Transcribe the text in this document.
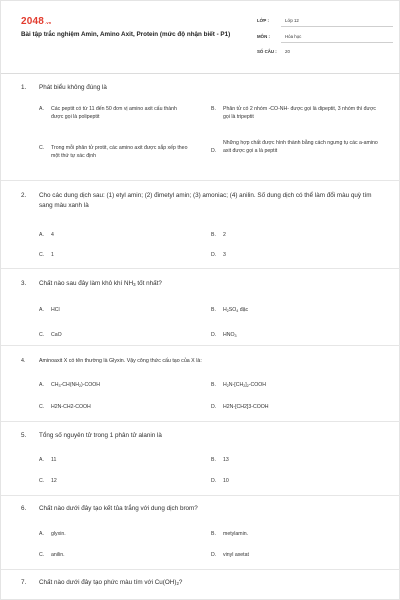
2048.vn
Bài tập trắc nghiệm Amin, Amino Axit, Protein (mức độ nhận biết - P1)
LỚP :	Lớp 12
MÔN :	Hóa học
SỐ CÂU : 20
1.	Phát biểu không đúng là
A.	Các peptit có từ 11 đến 50 đơn vị amino axit cấu thành được gọi là polipeptit
B.	Phân tử có 2 nhóm -CO-NH- được gọi là dipeptit, 3 nhóm thì được gọi là tripeptit
C.	Trong mỗi phân tử protit, các amino axit được sắp xếp theo một thứ tự xác định
D.
Những hợp chất được hình thành bằng cách ngưng tụ các a-amino axit được gọi a là peptit
2.	Cho các dung dịch sau: (1) etyl amin; (2) đimetyl amin; (3) amoniac; (4) anilin. Số dung dịch có thể làm đổi màu quỳ tím sang màu xanh là
A.	4	B.	2
C.	1	D.	3
3.	Chất nào sau đây làm khô khí $NH_3$ tốt nhất?
A.	HCl	B.	$H_2SO_4$ đặc
C.	CaO	D.	$HNO_3$
4.	Aminoaxit X có tên thường là Glyxin. Vậy công thức cấu tạo của X là:
A.	$CH_3-CH(NH_2)$-COOH	B.	$H_2N-[CH_2]_2$-COOH
C.	H2N-CH2-COOH	D.	H2N-[CH2]3-COOH
5.	Tổng số nguyên tử trong 1 phân tử alanin là
A.	11	B.	13
C.	12	D.	10
6.	Chất nào dưới đây tạo kết tủa trắng với dung dịch brom?
A.	glyxin.	B.	metylamin.
C.	anilin.	D.	vinyl axetat
7.	Chất nào dưới đây tạo phức màu tím với $Cu(OH)_2$?
